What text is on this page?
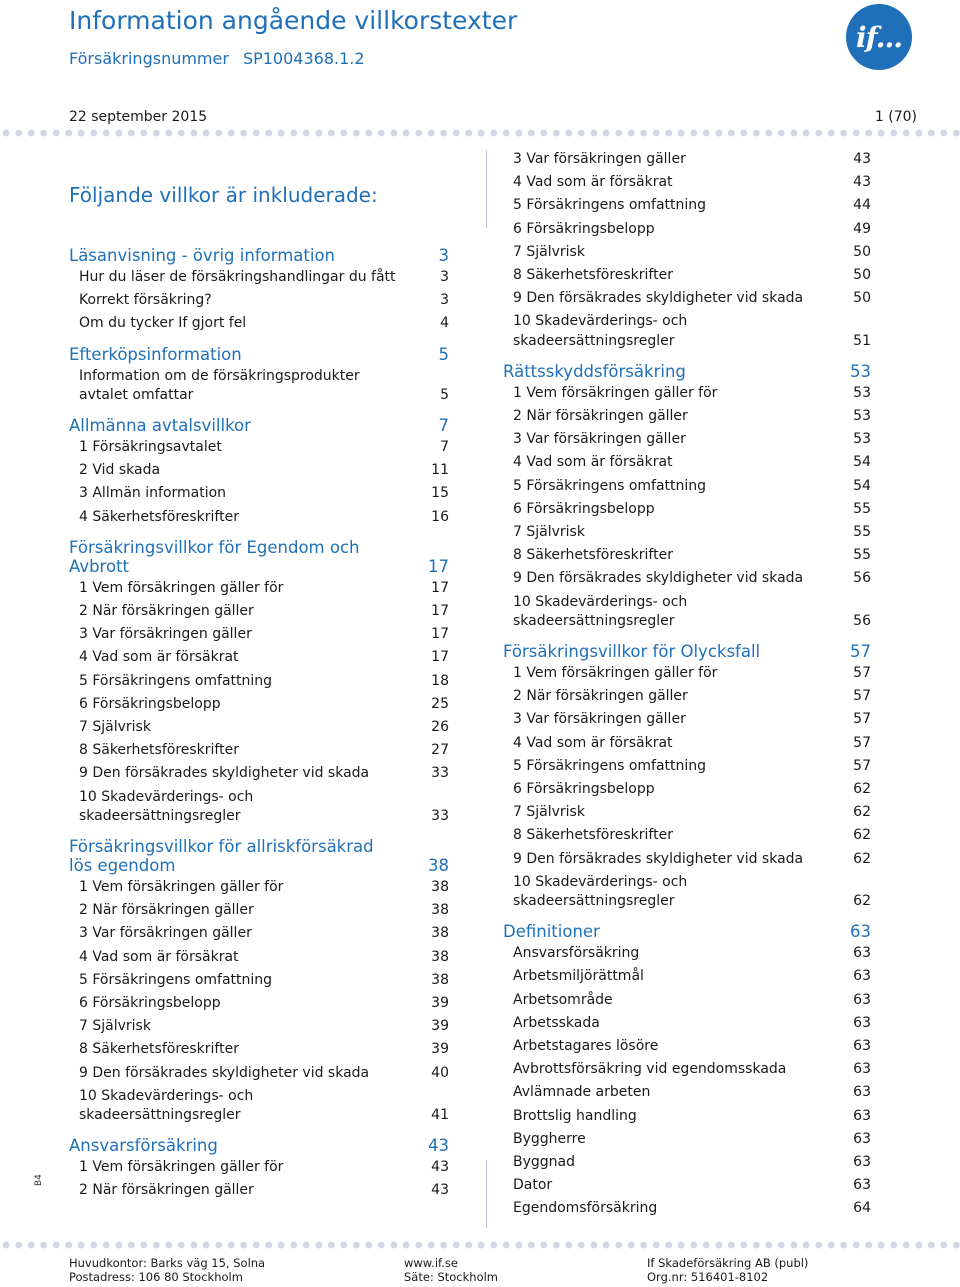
Information angående villkorstexter
Försäkringsnummer SP1004368.1.2
if...
22 september 2015	1 (70)
Följande villkor är inkluderade:
Läsanvisning - övrig information	3
Hur du läser de försäkringshandlingar du fått	3
Korrekt försäkring?	3
Om du tycker If gjort fel	4
Efterköpsinformation	5
Information om de försäkringsprodukter
avtalet omfattar	5
Allmänna avtalsvillkor	7
1 Försäkringsavtalet	7
2 Vid skada	11
3 Allmän information	15
4 Säkerhetsföreskrifter	16
Försäkringsvillkor för Egendom och
Avbrott	17
1 Vem försäkringen gäller för	17
2 När försäkringen gäller	17
3 Var försäkringen gäller	17
4 Vad som är försäkrat	17
5 Försäkringens omfattning	18
6 Försäkringsbelopp	25
7 Självrisk	26
8 Säkerhetsföreskrifter	27
9 Den försäkrades skyldigheter vid skada	33
10 Skadevärderings- och
skadeersättningsregler	33
Försäkringsvillkor för allriskförsäkrad
lös egendom	38
1 Vem försäkringen gäller för	38
2 När försäkringen gäller	38
3 Var försäkringen gäller	38
4 Vad som är försäkrat	38
5 Försäkringens omfattning	38
6 Försäkringsbelopp	39
7 Självrisk	39
8 Säkerhetsföreskrifter	39
9 Den försäkrades skyldigheter vid skada	40
10 Skadevärderings- och
skadeersättningsregler	41
Ansvarsförsäkring	43
1 Vem försäkringen gäller för	43
2 När försäkringen gäller	43
3 Var försäkringen gäller	43
4 Vad som är försäkrat	43
5 Försäkringens omfattning	44
6 Försäkringsbelopp	49
7 Självrisk	50
8 Säkerhetsföreskrifter	50
9 Den försäkrades skyldigheter vid skada	50
10 Skadevärderings- och
skadeersättningsregler	51
Rättsskyddsförsäkring	53
1 Vem försäkringen gäller för	53
2 När försäkringen gäller	53
3 Var försäkringen gäller	53
4 Vad som är försäkrat	54
5 Försäkringens omfattning	54
6 Försäkringsbelopp	55
7 Självrisk	55
8 Säkerhetsföreskrifter	55
9 Den försäkrades skyldigheter vid skada	56
10 Skadevärderings- och
skadeersättningsregler	56
Försäkringsvillkor för Olycksfall	57
1 Vem försäkringen gäller för	57
2 När försäkringen gäller	57
3 Var försäkringen gäller	57
4 Vad som är försäkrat	57
5 Försäkringens omfattning	57
6 Försäkringsbelopp	62
7 Självrisk	62
8 Säkerhetsföreskrifter	62
9 Den försäkrades skyldigheter vid skada	62
10 Skadevärderings- och
skadeersättningsregler	62
Definitioner	63
Ansvarsförsäkring	63
Arbetsmiljörättmål	63
Arbetsområde	63
Arbetsskada	63
Arbetstagares lösöre	63
Avbrottsförsäkring vid egendomsskada	63
Avlämnade arbeten	63
Brottslig handling	63
Byggherre	63
Byggnad	63
Dator	63
Egendomsförsäkring	64
B4
Huvudkontor: Barks väg 15, Solna
Postadress: 106 80 Stockholm
www.if.se
Säte: Stockholm
If Skadeförsäkring AB (publ)
Org.nr: 516401-8102
